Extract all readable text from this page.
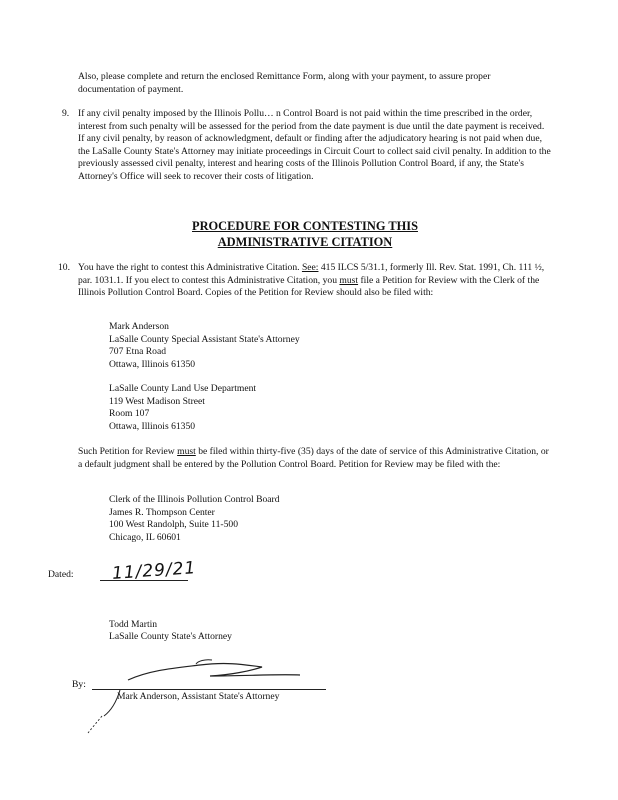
Also, please complete and return the enclosed Remittance Form, along with your payment, to assure proper documentation of payment.

9. If any civil penalty imposed by the Illinois Pollu… n Control Board is not paid within the time prescribed in the order, interest from such penalty will be assessed for the period from the date payment is due until the date payment is received. If any civil penalty, by reason of acknowledgment, default or finding after the adjudicatory hearing is not paid when due, the LaSalle County State's Attorney may initiate proceedings in Circuit Court to collect said civil penalty. In addition to the previously assessed civil penalty, interest and hearing costs of the Illinois Pollution Control Board, if any, the State's Attorney's Office will seek to recover their costs of litigation.

PROCEDURE FOR CONTESTING THIS
ADMINISTRATIVE CITATION
10. You have the right to contest this Administrative Citation. See: 415 ILCS 5/31.1, formerly Ill. Rev. Stat. 1991, Ch. 111 ½, par. 1031.1. If you elect to contest this Administrative Citation, you must file a Petition for Review with the Clerk of the Illinois Pollution Control Board. Copies of the Petition for Review should also be filed with:

Mark Anderson
LaSalle County Special Assistant State's Attorney
707 Etna Road
Ottawa, Illinois 61350
LaSalle County Land Use Department
119 West Madison Street
Room 107
Ottawa, Illinois 61350

Such Petition for Review must be filed within thirty-five (35) days of the date of service of this Administrative Citation, or a default judgment shall be entered by the Pollution Control Board. Petition for Review may be filed with the:

Clerk of the Illinois Pollution Control Board
James R. Thompson Center
100 West Randolph, Suite 11-500
Chicago, IL 60601
Dated: 11/29/21
Todd Martin
LaSalle County State's Attorney
By:
Mark Anderson, Assistant State's Attorney
